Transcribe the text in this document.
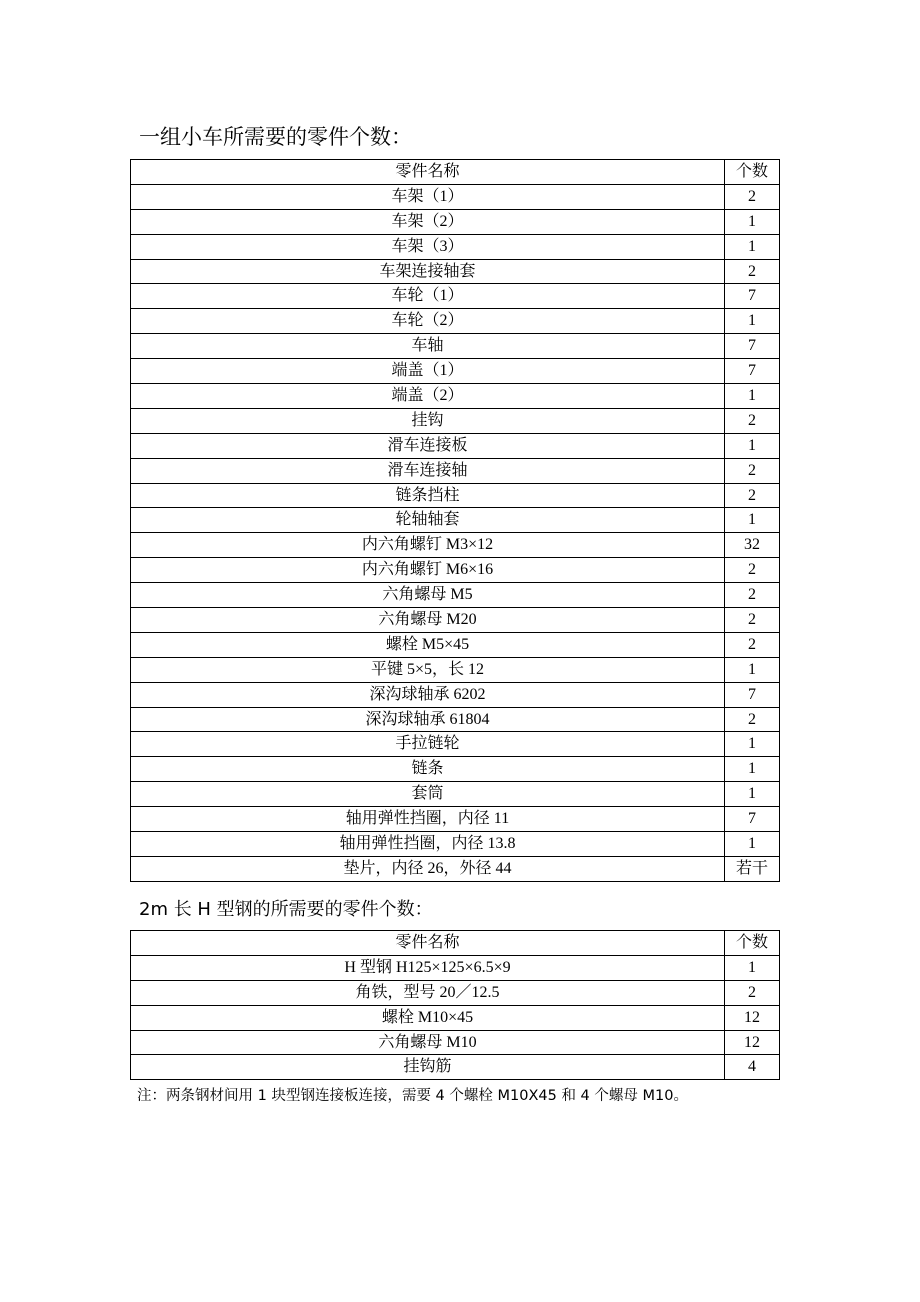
一组小车所需要的零件个数：
零件名称	个数
车架（1）	2
车架（2）	1
车架（3）	1
车架连接轴套	2
车轮（1）	7
车轮（2）	1
车轴	7
端盖（1）	7
端盖（2）	1
挂钩	2
滑车连接板	1
滑车连接轴	2
链条挡柱	2
轮轴轴套	1
内六角螺钉 M3×12	32
内六角螺钉 M6×16	2
六角螺母 M5	2
六角螺母 M20	2
螺栓 M5×45	2
平键 5×5，长 12	1
深沟球轴承 6202	7
深沟球轴承 61804	2
手拉链轮	1
链条	1
套筒	1
轴用弹性挡圈，内径 11	7
轴用弹性挡圈，内径 13.8	1
垫片，内径 26，外径 44	若干
2m 长 H 型钢的所需要的零件个数：
零件名称	个数
H 型钢 H125×125×6.5×9	1
角铁，型号 20／12.5	2
螺栓 M10×45	12
六角螺母 M10	12
挂钩筋	4
注：两条钢材间用 1 块型钢连接板连接，需要 4 个螺栓 M10X45 和 4 个螺母 M10。
